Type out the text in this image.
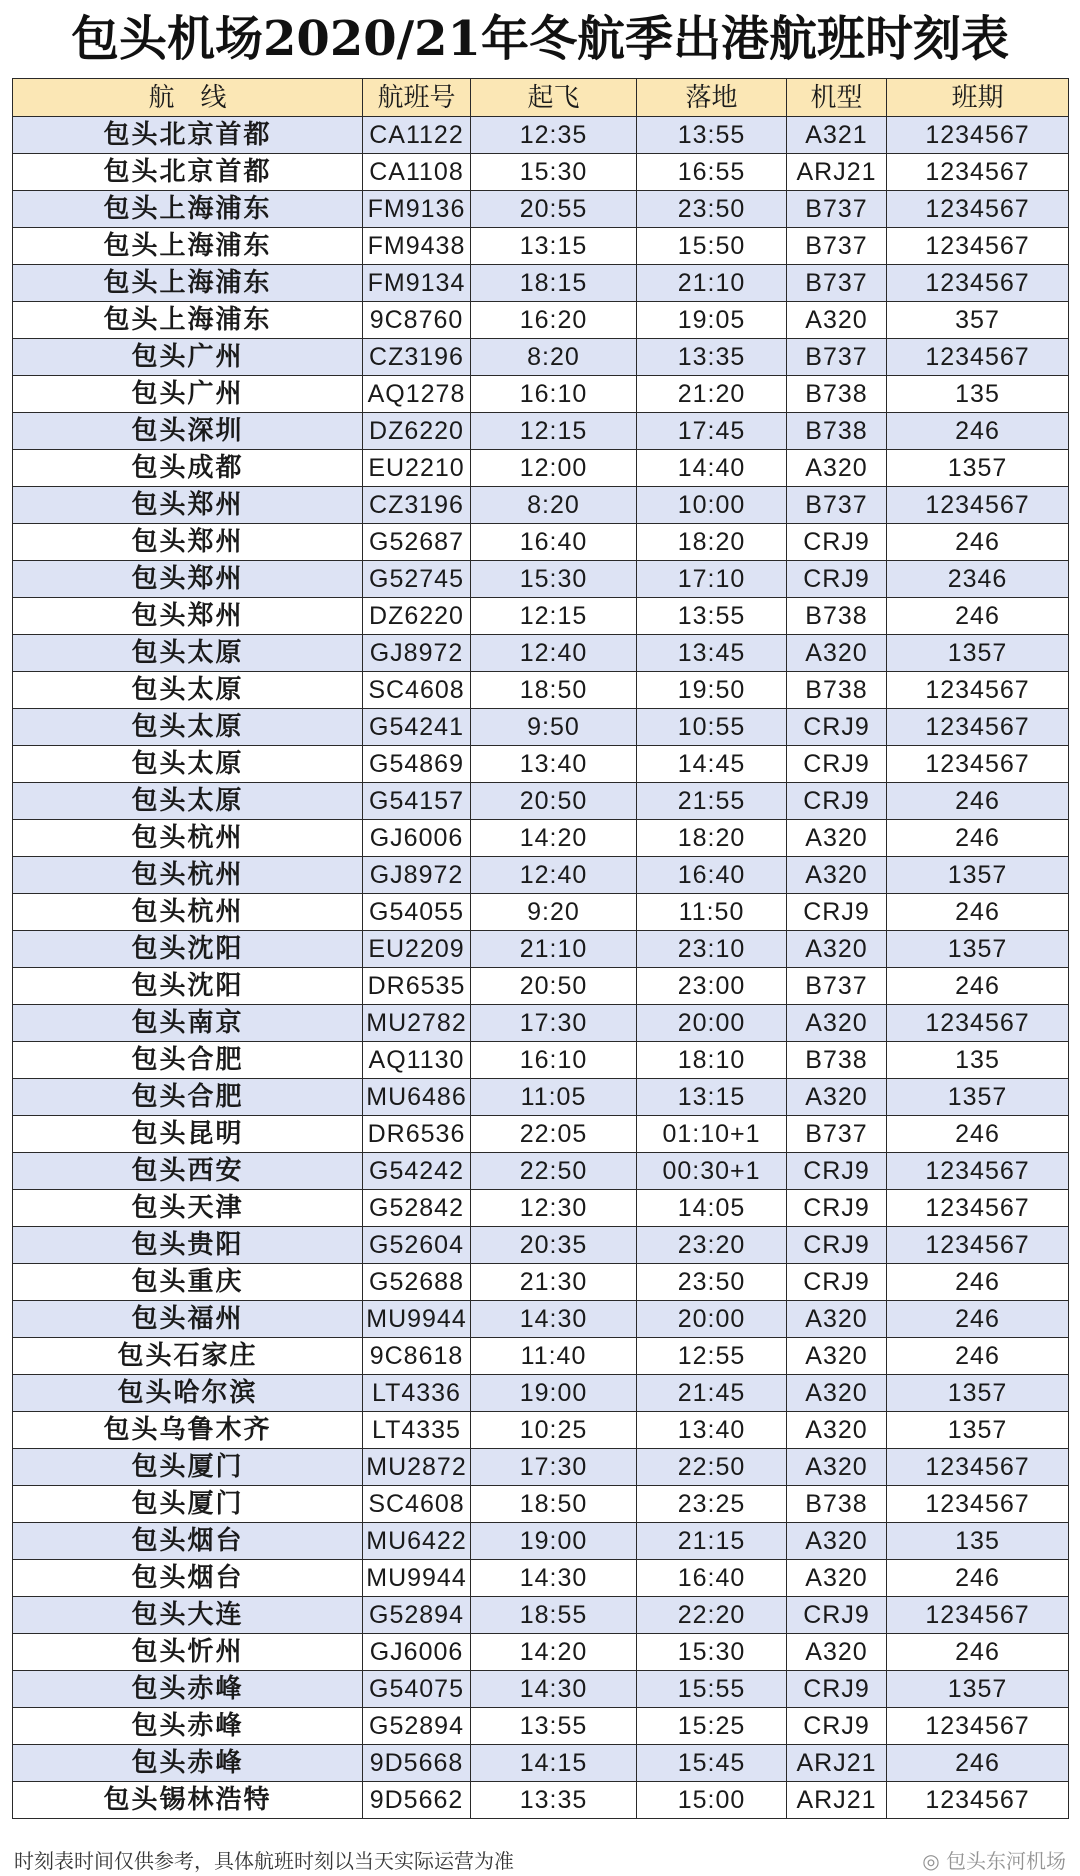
包头机场2020/21年冬航季出港航班时刻表
航　线	航班号	起飞	落地	机型	班期
包头北京首都	CA1122	12:35	13:55	A321	1234567
包头北京首都	CA1108	15:30	16:55	ARJ21	1234567
包头上海浦东	FM9136	20:55	23:50	B737	1234567
包头上海浦东	FM9438	13:15	15:50	B737	1234567
包头上海浦东	FM9134	18:15	21:10	B737	1234567
包头上海浦东	9C8760	16:20	19:05	A320	357
包头广州	CZ3196	8:20	13:35	B737	1234567
包头广州	AQ1278	16:10	21:20	B738	135
包头深圳	DZ6220	12:15	17:45	B738	246
包头成都	EU2210	12:00	14:40	A320	1357
包头郑州	CZ3196	8:20	10:00	B737	1234567
包头郑州	G52687	16:40	18:20	CRJ9	246
包头郑州	G52745	15:30	17:10	CRJ9	2346
包头郑州	DZ6220	12:15	13:55	B738	246
包头太原	GJ8972	12:40	13:45	A320	1357
包头太原	SC4608	18:50	19:50	B738	1234567
包头太原	G54241	9:50	10:55	CRJ9	1234567
包头太原	G54869	13:40	14:45	CRJ9	1234567
包头太原	G54157	20:50	21:55	CRJ9	246
包头杭州	GJ6006	14:20	18:20	A320	246
包头杭州	GJ8972	12:40	16:40	A320	1357
包头杭州	G54055	9:20	11:50	CRJ9	246
包头沈阳	EU2209	21:10	23:10	A320	1357
包头沈阳	DR6535	20:50	23:00	B737	246
包头南京	MU2782	17:30	20:00	A320	1234567
包头合肥	AQ1130	16:10	18:10	B738	135
包头合肥	MU6486	11:05	13:15	A320	1357
包头昆明	DR6536	22:05	01:10+1	B737	246
包头西安	G54242	22:50	00:30+1	CRJ9	1234567
包头天津	G52842	12:30	14:05	CRJ9	1234567
包头贵阳	G52604	20:35	23:20	CRJ9	1234567
包头重庆	G52688	21:30	23:50	CRJ9	246
包头福州	MU9944	14:30	20:00	A320	246
包头石家庄	9C8618	11:40	12:55	A320	246
包头哈尔滨	LT4336	19:00	21:45	A320	1357
包头乌鲁木齐	LT4335	10:25	13:40	A320	1357
包头厦门	MU2872	17:30	22:50	A320	1234567
包头厦门	SC4608	18:50	23:25	B738	1234567
包头烟台	MU6422	19:00	21:15	A320	135
包头烟台	MU9944	14:30	16:40	A320	246
包头大连	G52894	18:55	22:20	CRJ9	1234567
包头忻州	GJ6006	14:20	15:30	A320	246
包头赤峰	G54075	14:30	15:55	CRJ9	1357
包头赤峰	G52894	13:55	15:25	CRJ9	1234567
包头赤峰	9D5668	14:15	15:45	ARJ21	246
包头锡林浩特	9D5662	13:35	15:00	ARJ21	1234567
时刻表时间仅供参考，具体航班时刻以当天实际运营为准	◎ 包头东河机场
